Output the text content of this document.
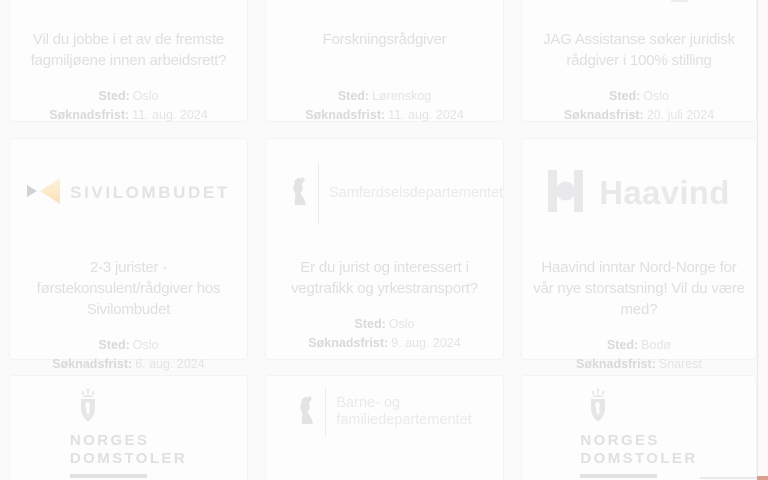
Vil du jobbe i et av de fremste fagmiljøene innen arbeidsrett?
Sted: Oslo
Søknadsfrist: 11. aug. 2024
Forskningsrådgiver
Sted: Lørenskog
Søknadsfrist: 11. aug. 2024
JAG Assistanse søker juridisk rådgiver i 100% stilling
Sted: Oslo
Søknadsfrist: 20. juli 2024
SIVILOMBUDET
2-3 jurister - førstekonsulent/rådgiver hos Sivilombudet
Sted: Oslo
Søknadsfrist: 6. aug. 2024
Samferdselsdepartementet
Er du jurist og interessert i vegtrafikk og yrkestransport?
Sted: Oslo
Søknadsfrist: 9. aug. 2024
Haavind
Haavind inntar Nord-Norge for vår nye storsatsning! Vil du være med?
Sted: Bodø
Søknadsfrist: Snarest
NORGES
DOMSTOLER
Barne- og
familiedepartementet
NORGES
DOMSTOLER
